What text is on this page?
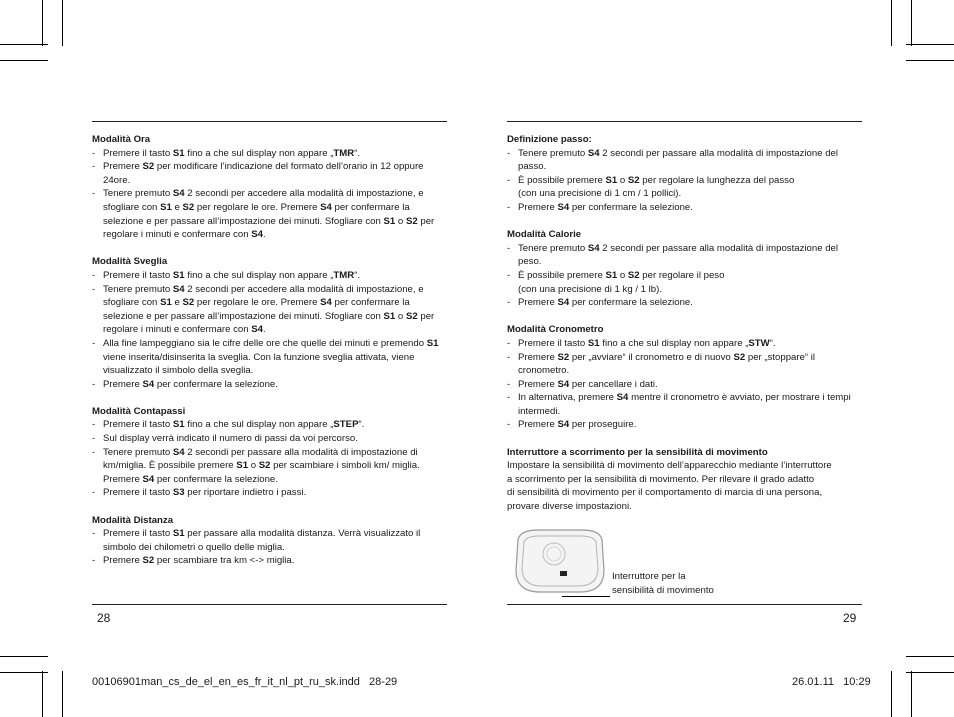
Modalità Ora
- Premere il tasto S1 fino a che sul display non appare „TMR“.
- Premere S2 per modificare l’indicazione del formato dell’orario in 12 oppure 24ore.
- Tenere premuto S4 2 secondi per accedere alla modalità di impostazione, e sfogliare con S1 e S2 per regolare le ore. Premere S4 per confermare la selezione e per passare all’impostazione dei minuti. Sfogliare con S1 o S2 per regolare i minuti e confermare con S4.
Modalità Sveglia
- Premere il tasto S1 fino a che sul display non appare „TMR“.
- Tenere premuto S4 2 secondi per accedere alla modalità di impostazione, e sfogliare con S1 e S2 per regolare le ore. Premere S4 per confermare la selezione e per passare all’impostazione dei minuti. Sfogliare con S1 o S2 per regolare i minuti e confermare con S4.
- Alla fine lampeggiano sia le cifre delle ore che quelle dei minuti e premendo S1 viene inserita/disinserita la sveglia. Con la funzione sveglia attivata, viene visualizzato il simbolo della sveglia.
- Premere S4 per confermare la selezione.
Modalità Contapassi
- Premere il tasto S1 fino a che sul display non appare „STEP“.
- Sul display verrà indicato il numero di passi da voi percorso.
- Tenere premuto S4 2 secondi per passare alla modalità di impostazione di km/miglia. È possibile premere S1 o S2 per scambiare i simboli km/ miglia. Premere S4 per confermare la selezione.
- Premere il tasto S3 per riportare indietro i passi.
Modalità Distanza
- Premere il tasto S1 per passare alla modalità distanza. Verrà visualizzato il simbolo dei chilometri o quello delle miglia.
- Premere S2 per scambiare tra km <-> miglia.
Definizione passo:
- Tenere premuto S4 2 secondi per passare alla modalità di impostazione del passo.
- È possibile premere S1 o S2 per regolare la lunghezza del passo
(con una precisione di 1 cm / 1 pollici).
- Premere S4 per confermare la selezione.
Modalità Calorie
- Tenere premuto S4 2 secondi per passare alla modalità di impostazione del peso.
- È possibile premere S1 o S2 per regolare il peso
(con una precisione di 1 kg / 1 lb).
- Premere S4 per confermare la selezione.
Modalità Cronometro
- Premere il tasto S1 fino a che sul display non appare „STW“.
- Premere S2 per „avviare“ il cronometro e di nuovo S2 per „stoppare“ il cronometro.
- Premere S4 per cancellare i dati.
- In alternativa, premere S4 mentre il cronometro è avviato, per mostrare i tempi intermedi.
- Premere S4 per proseguire.
Interruttore a scorrimento per la sensibilità di movimento
Impostare la sensibilità di movimento dell’apparecchio mediante l’interruttore
a scorrimento per la sensibilità di movimento. Per rilevare il grado adatto
di sensibilità di movimento per il comportamento di marcia di una persona,
provare diverse impostazioni.
Interruttore per la
sensibilità di movimento
28	29
00106901man_cs_de_el_en_es_fr_it_nl_pt_ru_sk.indd   28-29	26.01.11   10:29
